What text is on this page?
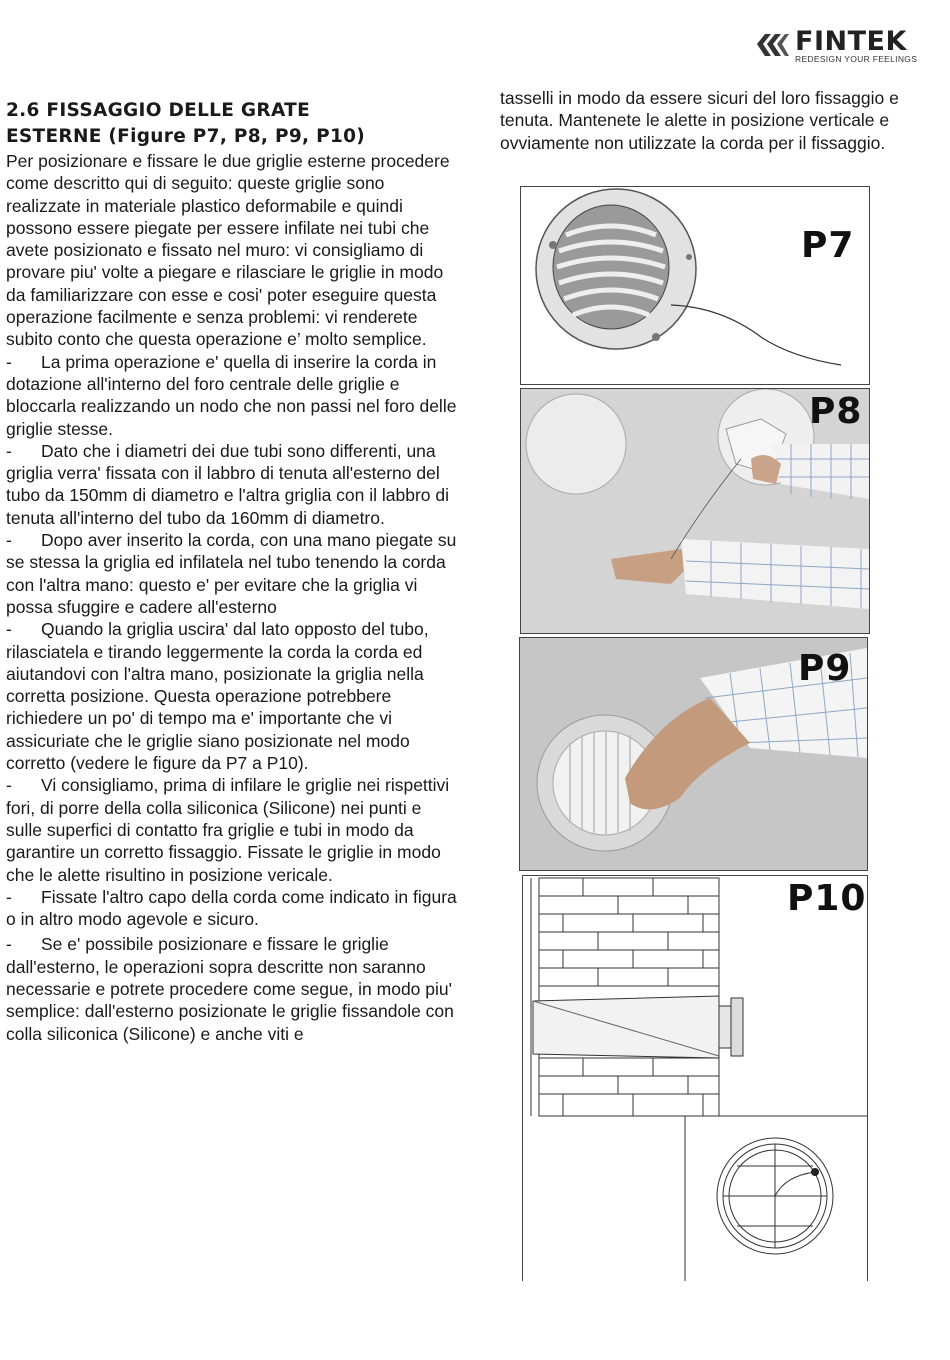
FINTEK
REDESIGN YOUR FEELINGS

2.6 FISSAGGIO DELLE GRATE

ESTERNE (Figure P7, P8, P9, P10)

Per posizionare e fissare le due griglie esterne procedere come descritto qui di seguito: queste griglie sono realizzate in materiale plastico deformabile e quindi possono essere piegate per essere infilate nei tubi che avete posizionato e fissato nel muro: vi consigliamo di provare piu' volte a piegare e rilasciare le griglie in modo da familiarizzare con esse e cosi' poter eseguire questa operazione facilmente e senza problemi: vi renderete subito conto che questa operazione e’ molto semplice.

- La prima operazione e' quella di inserire la corda in dotazione all'interno del foro centrale delle griglie e bloccarla realizzando un nodo che non passi nel foro delle griglie stesse.

- Dato che i diametri dei due tubi sono differenti, una griglia verra' fissata con il labbro di tenuta all'esterno del tubo da 150mm di diametro e l'altra griglia con il labbro di tenuta all'interno del tubo da 160mm di diametro.

- Dopo aver inserito la corda, con una mano piegate su se stessa la griglia ed infilatela nel tubo tenendo la corda con l'altra mano: questo e' per evitare che la griglia vi possa sfuggire e cadere all'esterno

- Quando la griglia uscira' dal lato opposto del tubo, rilasciatela e tirando leggermente la corda la corda ed aiutandovi con l'altra mano, posizionate la griglia nella corretta posizione. Questa operazione potrebbere richiedere un po' di tempo ma e' importante che vi assicuriate che le griglie siano posizionate nel modo corretto (vedere le figure da P7 a P10).

- Vi consigliamo, prima di infilare le griglie nei rispettivi fori, di porre della colla siliconica (Silicone) nei punti e sulle superfici di contatto fra griglie e tubi in modo da garantire un corretto fissaggio. Fissate le griglie in modo che le alette risultino in posizione vericale.

- Fissate l'altro capo della corda come indicato in figura o in altro modo agevole e sicuro.

- Se e' possibile posizionare e fissare le griglie dall'esterno, le operazioni sopra descritte non saranno necessarie e potrete procedere come segue, in modo piu' semplice: dall'esterno posizionate le griglie fissandole con colla siliconica (Silicone) e anche viti e

tasselli in modo da essere sicuri del loro fissaggio e tenuta. Mantenete le alette in posizione verticale e ovviamente non utilizzate la corda per il fissaggio.

P7
P8
P9
P10
